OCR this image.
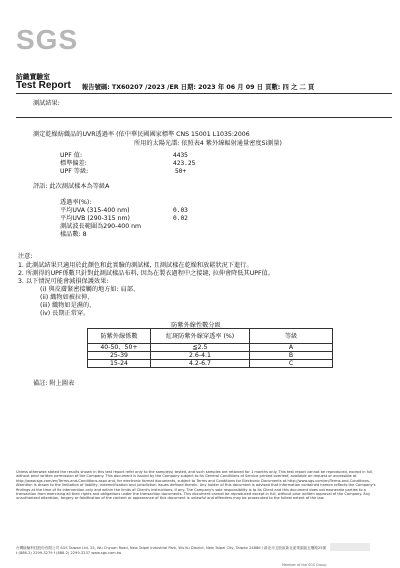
SGS
紡織實驗室
Test Report 報告號碼: TX60207 /2023 /ER 日期: 2023 年 06 月 09 日 頁數: 四 之 二 頁
測試結果:
測定乾燥紡織品的UVR透過率 (依中華民國國家標準 CNS 15001 L1035:2006
所用的太陽光譜: 依照表4 紫外線輻射通量密度Si測量)
UPF 值:	4435
標準偏差:	423.25
UPF 等級:	50+
評語: 此次測試樣本為等級A
透過率(%):
平均UVA (315-400 nm)	0.03
平均UVB (290-315 nm)	0.02
測試波長範圍為290-400 nm
樣品數: 8
注意:
1. 此測試結果只適用於此顏色和此實驗的測試樣, 且測試樣在乾燥和放鬆狀況下進行。
2. 所測得的UPF係數只針對此測試樣品布料, 因為在製衣過程中之接縫, 拉伸會降低其UPF值。
3. 以下情況可能會減損保護效果:
(i) 與皮膚緊密接觸的地方如: 肩部、
(ii) 織物如被拉伸、
(iii) 織物如是濕的、
(iv) 長期正常穿。
防紫外線性數分級
防紫外線係數	紅斑防紫外線穿透率 (%)	等級
40-50、50+	≦2.5	A
25-39	2.6-4.1	B
15-24	4.2-6.7	C
備註: 附上圖表
Unless otherwise stated the results shown in this test report refer only to the sample(s) tested, and such samples are retained for 1 months only. This test report cannot be reproduced, except in full, without prior written permission of the Company. This document is issued by the Company subject to its General Conditions of Service printed overleaf, available on request or accessible at http://www.sgs.com/en/Terms-and-Conditions.aspx and, for electronic format documents, subject to Terms and Conditions for Electronic Documents at http://www.sgs.com/en/Terms-and-Conditions. Attention is drawn to the limitation of liability, indemnification and jurisdiction issues defined therein. Any holder of this document is advised that information contained hereon reflects the Company's findings at the time of its intervention only and within the limits of Client's instructions, if any. The Company's sole responsibility is to its Client and this document does not exonerate parties to a transaction from exercising all their rights and obligations under the transaction documents. This document cannot be reproduced except in full, without prior written approval of the Company. Any unauthorized alteration, forgery or falsification of the content or appearance of this document is unlawful and offenders may be prosecuted to the fullest extent of the law.
台灣檢驗科技股份有限公司 SGS Taiwan Ltd. 25, Wu Chyuan Road, New Taipei Industrial Park, Wu Ku District, New Taipei City, Taiwan 24886 / 新北市五股區新北產業園區五權路25號
t (886-2) 2299-3279 f (886-2) 2299-3237 www.sgs.com.tw
Member of the SGS Group
